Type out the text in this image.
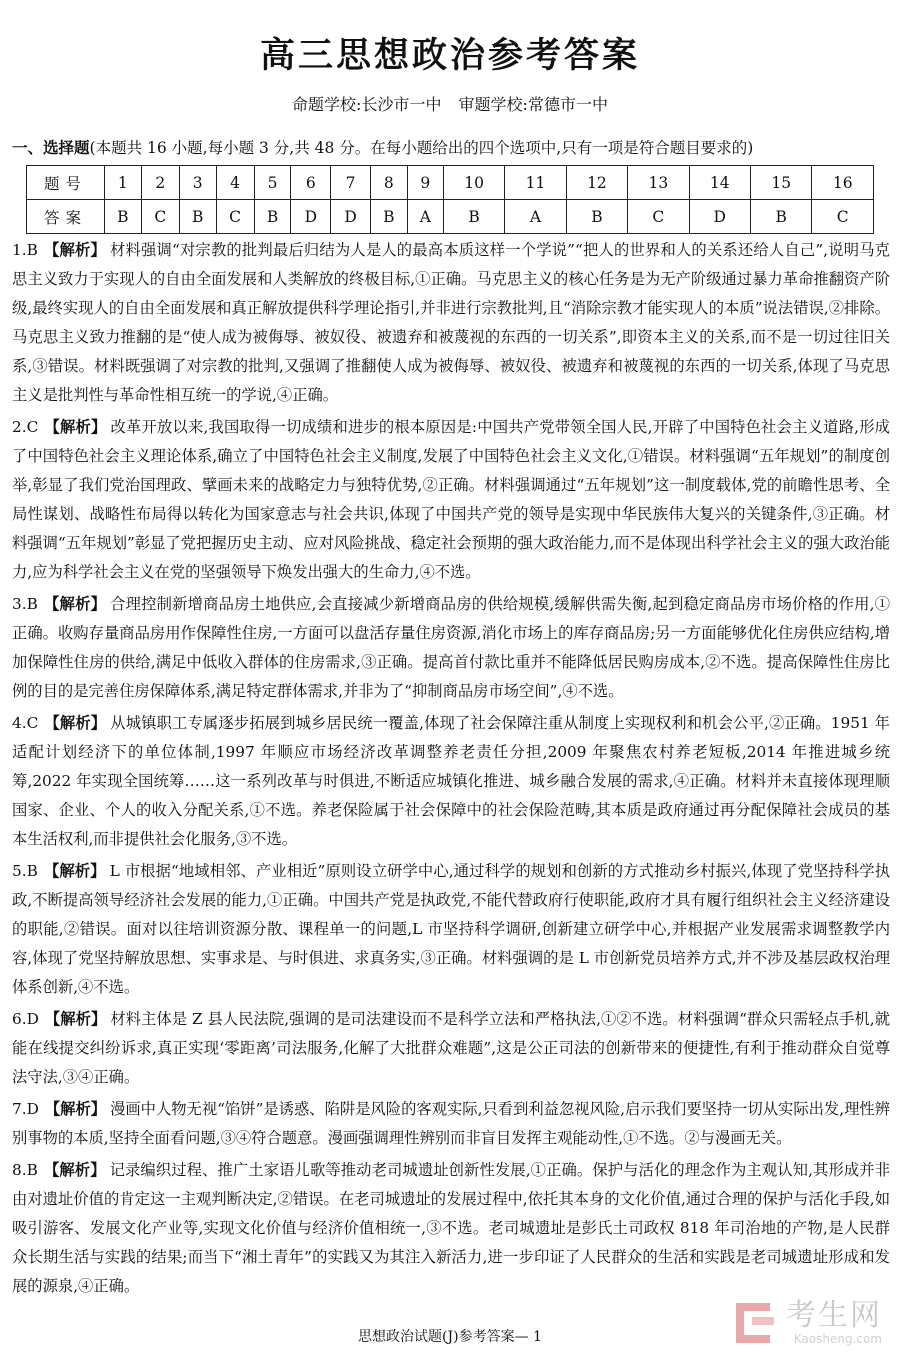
高三思想政治参考答案
命题学校:长沙市一中 审题学校:常德市一中
一、选择题(本题共 16 小题,每小题 3 分,共 48 分。在每小题给出的四个选项中,只有一项是符合题目要求的)
题号	1	2	3	4	5	6	7	8	9	10	11	12	13	14	15	16
答案	B	C	B	C	B	D	D	B	A	B	A	B	C	D	B	C

1.B 【解析】 材料强调“对宗教的批判最后归结为人是人的最高本质这样一个学说”“把人的世界和人的关系还给人自己”,说明马克思主义致力于实现人的自由全面发展和人类解放的终极目标,①正确。马克思主义的核心任务是为无产阶级通过暴力革命推翻资产阶级,最终实现人的自由全面发展和真正解放提供科学理论指引,并非进行宗教批判,且“消除宗教才能实现人的本质”说法错误,②排除。马克思主义致力推翻的是“使人成为被侮辱、被奴役、被遗弃和被蔑视的东西的一切关系”,即资本主义的关系,而不是一切过往旧关系,③错误。材料既强调了对宗教的批判,又强调了推翻使人成为被侮辱、被奴役、被遗弃和被蔑视的东西的一切关系,体现了马克思主义是批判性与革命性相互统一的学说,④正确。

2.C 【解析】 改革开放以来,我国取得一切成绩和进步的根本原因是:中国共产党带领全国人民,开辟了中国特色社会主义道路,形成了中国特色社会主义理论体系,确立了中国特色社会主义制度,发展了中国特色社会主义文化,①错误。材料强调“五年规划”的制度创举,彰显了我们党治国理政、擘画未来的战略定力与独特优势,②正确。材料强调通过“五年规划”这一制度载体,党的前瞻性思考、全局性谋划、战略性布局得以转化为国家意志与社会共识,体现了中国共产党的领导是实现中华民族伟大复兴的关键条件,③正确。材料强调“五年规划”彰显了党把握历史主动、应对风险挑战、稳定社会预期的强大政治能力,而不是体现出科学社会主义的强大政治能力,应为科学社会主义在党的坚强领导下焕发出强大的生命力,④不选。

3.B 【解析】 合理控制新增商品房土地供应,会直接减少新增商品房的供给规模,缓解供需失衡,起到稳定商品房市场价格的作用,①正确。收购存量商品房用作保障性住房,一方面可以盘活存量住房资源,消化市场上的库存商品房;另一方面能够优化住房供应结构,增加保障性住房的供给,满足中低收入群体的住房需求,③正确。提高首付款比重并不能降低居民购房成本,②不选。提高保障性住房比例的目的是完善住房保障体系,满足特定群体需求,并非为了“抑制商品房市场空间”,④不选。

4.C 【解析】 从城镇职工专属逐步拓展到城乡居民统一覆盖,体现了社会保障注重从制度上实现权利和机会公平,②正确。1951 年适配计划经济下的单位体制,1997 年顺应市场经济改革调整养老责任分担,2009 年聚焦农村养老短板,2014 年推进城乡统筹,2022 年实现全国统筹……这一系列改革与时俱进,不断适应城镇化推进、城乡融合发展的需求,④正确。材料并未直接体现理顺国家、企业、个人的收入分配关系,①不选。养老保险属于社会保障中的社会保险范畴,其本质是政府通过再分配保障社会成员的基本生活权利,而非提供社会化服务,③不选。

5.B 【解析】 L 市根据“地域相邻、产业相近”原则设立研学中心,通过科学的规划和创新的方式推动乡村振兴,体现了党坚持科学执政,不断提高领导经济社会发展的能力,①正确。中国共产党是执政党,不能代替政府行使职能,政府才具有履行组织社会主义经济建设的职能,②错误。面对以往培训资源分散、课程单一的问题,L 市坚持科学调研,创新建立研学中心,并根据产业发展需求调整教学内容,体现了党坚持解放思想、实事求是、与时俱进、求真务实,③正确。材料强调的是 L 市创新党员培养方式,并不涉及基层政权治理体系创新,④不选。

6.D 【解析】 材料主体是 Z 县人民法院,强调的是司法建设而不是科学立法和严格执法,①②不选。材料强调“群众只需轻点手机,就能在线提交纠纷诉求,真正实现‘零距离’司法服务,化解了大批群众难题”,这是公正司法的创新带来的便捷性,有利于推动群众自觉尊法守法,③④正确。

7.D 【解析】 漫画中人物无视“馅饼”是诱惑、陷阱是风险的客观实际,只看到利益忽视风险,启示我们要坚持一切从实际出发,理性辨别事物的本质,坚持全面看问题,③④符合题意。漫画强调理性辨别而非盲目发挥主观能动性,①不选。②与漫画无关。

8.B 【解析】 记录编织过程、推广土家语儿歌等推动老司城遗址创新性发展,①正确。保护与活化的理念作为主观认知,其形成并非由对遗址价值的肯定这一主观判断决定,②错误。在老司城遗址的发展过程中,依托其本身的文化价值,通过合理的保护与活化手段,如吸引游客、发展文化产业等,实现文化价值与经济价值相统一,③不选。老司城遗址是彭氏土司政权 818 年司治地的产物,是人民群众长期生活与实践的结果;而当下“湘土青年”的实践又为其注入新活力,进一步印证了人民群众的生活和实践是老司城遗址形成和发展的源泉,④正确。

考生网
Kaosheng.com
思想政治试题(J)参考答案— 1
